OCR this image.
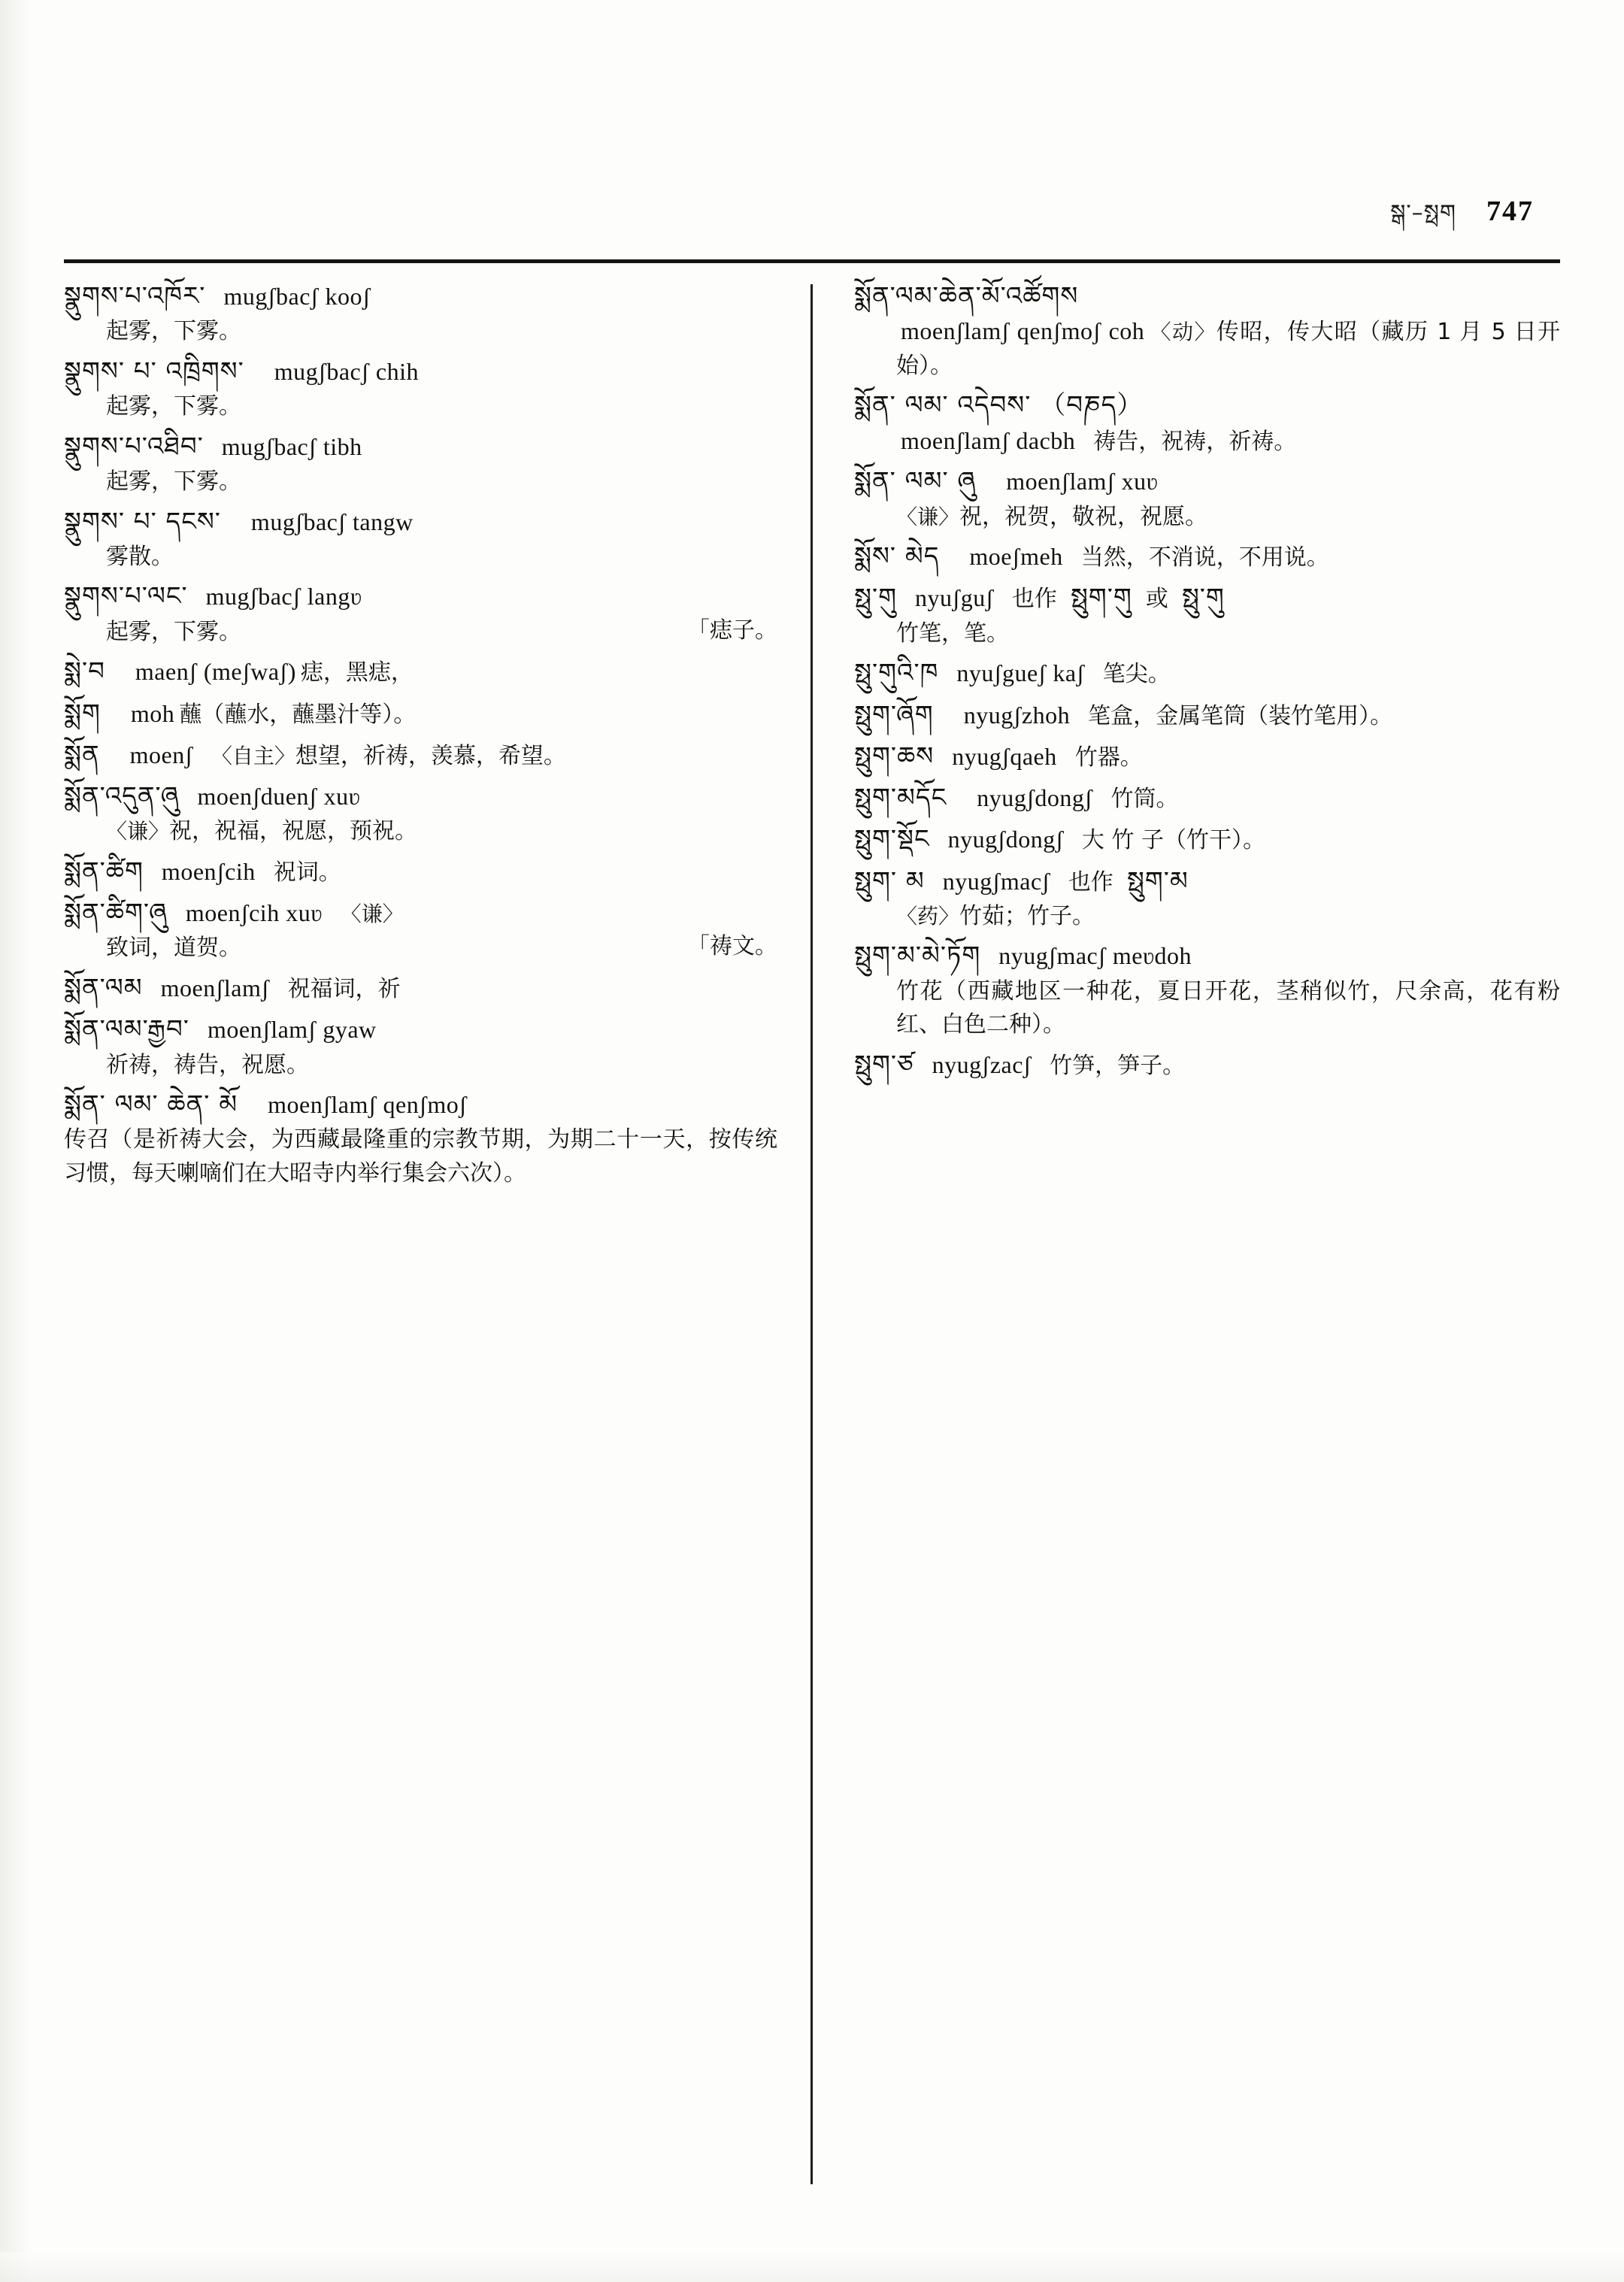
སྒ་–སྥག 747

སྣུགས་པ་འཁོར་ mugʃbacʃ kooʃ
起雾，下雾。

སྣུགས་ པ་ འཁྲིགས་ mugʃbacʃ chih
起雾，下雾。

སྣུགས་པ་འཐིབ་ mugʃbacʃ tibh
起雾，下雾。

སྣུགས་ པ་ དངས་ mugʃbacʃ tangw
雾散。

སྣུགས་པ་ལང་ mugʃbacʃ langʋ
起雾，下雾。	「痣子。

སྨེ་བ maenʃ (meʃwaʃ) 痣，黑痣，

སྨོག moh 蘸（蘸水，蘸墨汁等）。

སྨོན moenʃ 〈自主〉想望，祈祷，羡慕，希望。

སྨོན་འདུན་ཞུ moenʃduenʃ xuʋ
〈谦〉祝，祝福，祝愿，预祝。

སྨོན་ཚིག moenʃcih 祝词。

སྨོན་ཚིག་ཞུ moenʃcih xuʋ 〈谦〉
致词，道贺。	「祷文。

སྨོན་ལམ moenʃlamʃ 祝福词，祈

སྨོན་ལམ་རྒྱབ་ moenʃlamʃ gyaw
祈祷，祷告，祝愿。

སྨོན་ ལམ་ ཆེན་ མོ moenʃlamʃ qenʃmoʃ
传召（是祈祷大会，为西藏最隆重的宗教节期，为期二十一天，按传统习惯，每天喇嘀们在大昭寺内举行集会六次）。

སྨོན་ལམ་ཆེན་མོ་འཚོགས
moenʃlamʃ qenʃmoʃ coh 〈动〉传昭，传大昭（藏历 1 月 5 日开始）。

སྨོན་ ལམ་ འདེབས་ （བཎད）
moenʃlamʃ dacbh 祷告，祝祷，祈祷。

སྨོན་ ལམ་ ཞུ moenʃlamʃ xuʋ
〈谦〉祝，祝贺，敬祝，祝愿。

སྨོས་ མེད moeʃmeh 当然，不消说，不用说。

སྥུ་གུ nyuʃguʃ 也作 སྥུག་གུ 或 སྥུ་གུ
竹笔，笔。

སྥུ་གུའི་ཁ nyuʃgueʃ kaʃ 笔尖。

སྥུག་ཞོག nyugʃzhoh 笔盒，金属笔筒（装竹笔用）。

སྥུག་ཆས nyugʃqaeh 竹器。

སྥུག་མདོང nyugʃdongʃ 竹筒。

སྥུག་སྡོང nyugʃdongʃ 大 竹 子（竹干）。

སྥུག་ མ nyugʃmacʃ 也作 སྥུག་མ
〈药〉竹茹；竹子。

སྥུག་མ་མེ་ཏོག nyugʃmacʃ meʋdoh
竹花（西藏地区一种花，夏日开花，茎稍似竹，尺余高，花有粉红、白色二种）。

སྥུག་ཙ nyugʃzacʃ 竹笋，笋子。
